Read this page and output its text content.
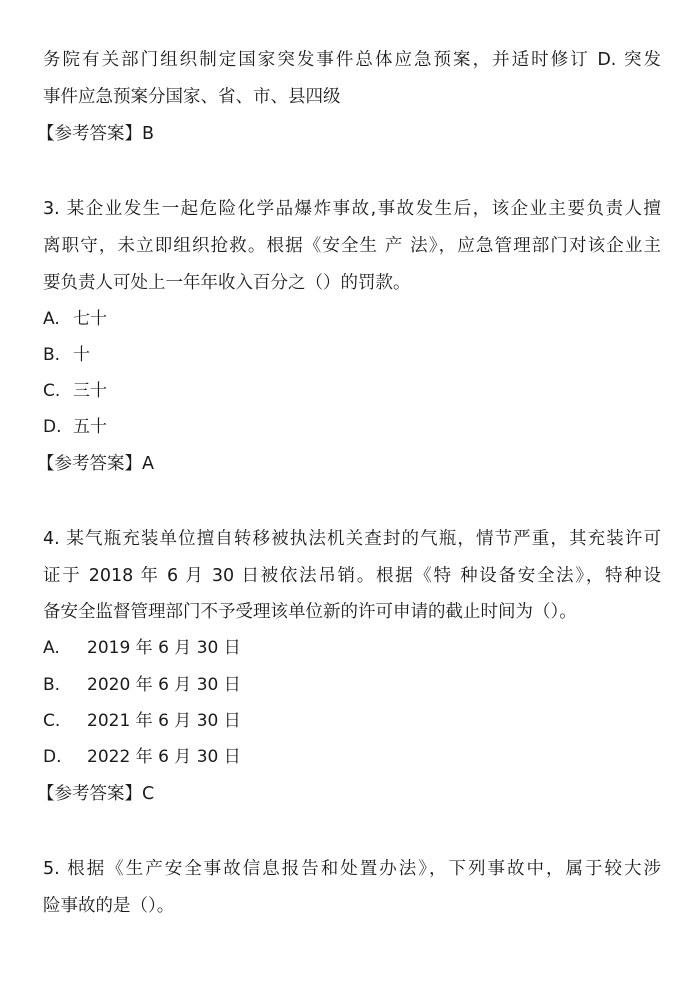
务院有关部门组织制定国家突发事件总体应急预案，并适时修订 D. 突发
事件应急预案分国家、省、市、县四级
【参考答案】B
3. 某企业发生一起危险化学品爆炸事故,事故发生后，该企业主要负责人擅
离职守，未立即组织抢救。根据《安全生 产 法》，应急管理部门对该企业主
要负责人可处上一年年收入百分之（）的罚款。
A. 七十
B. 十
C. 三十
D. 五十
【参考答案】A
4. 某气瓶充装单位擅自转移被执法机关查封的气瓶，情节严重，其充装许可
证于 2018 年 6 月 30 日被依法吊销。根据《特 种设备安全法》，特种设
备安全监督管理部门不予受理该单位新的许可申请的截止时间为（）。
A. 2019 年 6 月 30 日
B. 2020 年 6 月 30 日
C. 2021 年 6 月 30 日
D. 2022 年 6 月 30 日
【参考答案】C
5. 根据《生产安全事故信息报告和处置办法》，下列事故中，属于较大涉
险事故的是（）。
